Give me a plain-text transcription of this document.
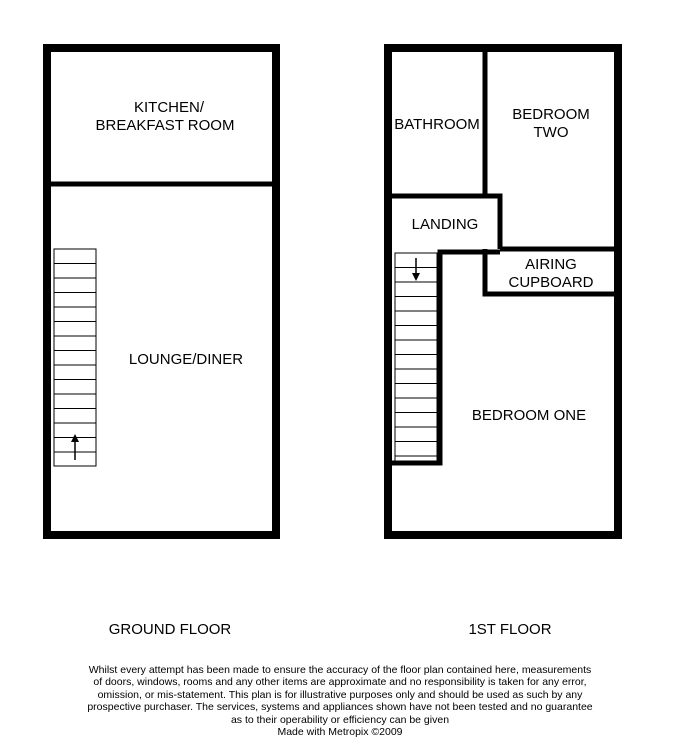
KITCHEN/
BREAKFAST ROOM
LOUNGE/DINER
BATHROOM
BEDROOM
TWO
LANDING
AIRING
CUPBOARD
BEDROOM ONE
GROUND FLOOR	1ST FLOOR
Whilst every attempt has been made to ensure the accuracy of the floor plan contained here, measurements
of doors, windows, rooms and any other items are approximate and no responsibility is taken for any error,
omission, or mis-statement. This plan is for illustrative purposes only and should be used as such by any
prospective purchaser. The services, systems and appliances shown have not been tested and no guarantee
as to their operability or efficiency can be given
Made with Metropix ©2009
